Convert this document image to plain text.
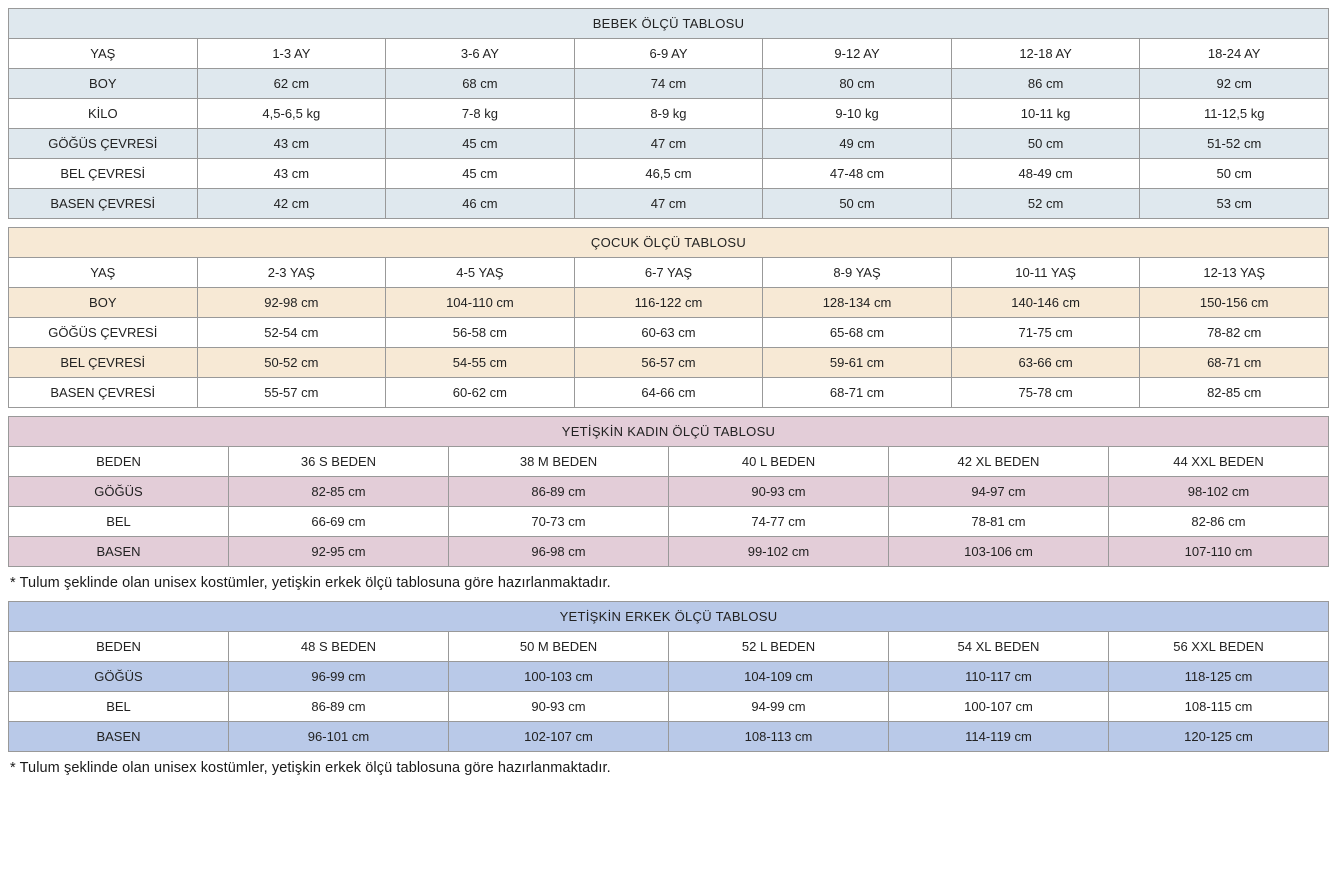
BEBEK ÖLÇÜ TABLOSU						
YAŞ	1-3 AY	3-6 AY	6-9 AY	9-12 AY	12-18 AY	18-24 AY
BOY	62 cm	68 cm	74 cm	80 cm	86 cm	92 cm
KİLO	4,5-6,5 kg	7-8 kg	8-9 kg	9-10 kg	10-11 kg	11-12,5 kg
GÖĞÜS ÇEVRESİ	43 cm	45 cm	47 cm	49 cm	50 cm	51-52 cm
BEL ÇEVRESİ	43 cm	45 cm	46,5 cm	47-48 cm	48-49 cm	50 cm
BASEN ÇEVRESİ	42 cm	46 cm	47 cm	50 cm	52 cm	53 cm
ÇOCUK ÖLÇÜ TABLOSU						
YAŞ	2-3 YAŞ	4-5 YAŞ	6-7 YAŞ	8-9 YAŞ	10-11 YAŞ	12-13 YAŞ
BOY	92-98 cm	104-110 cm	116-122 cm	128-134 cm	140-146 cm	150-156 cm
GÖĞÜS ÇEVRESİ	52-54 cm	56-58 cm	60-63 cm	65-68 cm	71-75 cm	78-82 cm
BEL ÇEVRESİ	50-52 cm	54-55 cm	56-57 cm	59-61 cm	63-66 cm	68-71 cm
BASEN ÇEVRESİ	55-57 cm	60-62 cm	64-66 cm	68-71 cm	75-78 cm	82-85 cm
YETİŞKİN KADIN ÖLÇÜ TABLOSU					
BEDEN	36 S BEDEN	38 M BEDEN	40 L BEDEN	42 XL BEDEN	44 XXL BEDEN
GÖĞÜS	82-85 cm	86-89 cm	90-93 cm	94-97 cm	98-102 cm
BEL	66-69 cm	70-73 cm	74-77 cm	78-81 cm	82-86 cm
BASEN	92-95 cm	96-98 cm	99-102 cm	103-106 cm	107-110 cm

* Tulum şeklinde olan unisex kostümler, yetişkin erkek ölçü tablosuna göre hazırlanmaktadır.

YETİŞKİN ERKEK ÖLÇÜ TABLOSU					
BEDEN	48 S BEDEN	50 M BEDEN	52 L BEDEN	54 XL BEDEN	56 XXL BEDEN
GÖĞÜS	96-99 cm	100-103 cm	104-109 cm	110-117 cm	118-125 cm
BEL	86-89 cm	90-93 cm	94-99 cm	100-107 cm	108-115 cm
BASEN	96-101 cm	102-107 cm	108-113 cm	114-119 cm	120-125 cm

* Tulum şeklinde olan unisex kostümler, yetişkin erkek ölçü tablosuna göre hazırlanmaktadır.
